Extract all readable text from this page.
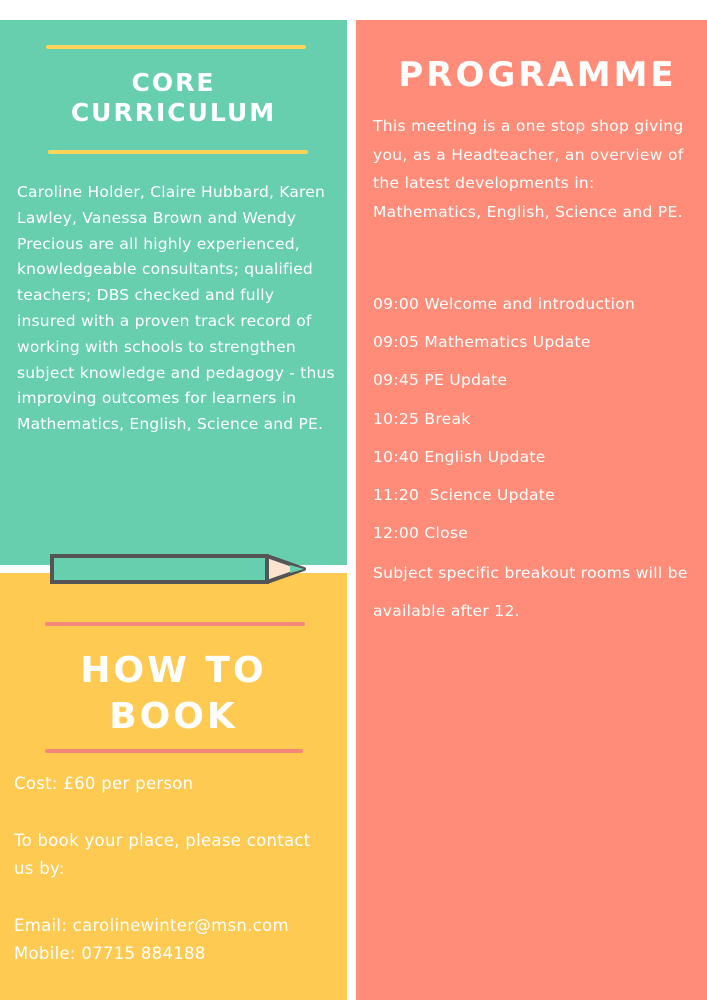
CORE CURRICULUM

Caroline Holder, Claire Hubbard, Karen Lawley, Vanessa Brown and Wendy Precious are all highly experienced, knowledgeable consultants; qualified teachers; DBS checked and fully insured with a proven track record of working with schools to strengthen subject knowledge and pedagogy - thus improving outcomes for learners in Mathematics, English, Science and PE.

HOW TO BOOK

Cost: £60 per person

To book your place, please contact us by:

Email: carolinewinter@msn.com

Mobile: 07715 884188

PROGRAMME

This meeting is a one stop shop giving you, as a Headteacher, an overview of the latest developments in: Mathematics, English, Science and PE.

09:00 Welcome and introduction
09:05 Mathematics Update
09:45 PE Update
10:25 Break
10:40 English Update
11:20  Science Update
12:00 Close

Subject specific breakout rooms will be available after 12.
